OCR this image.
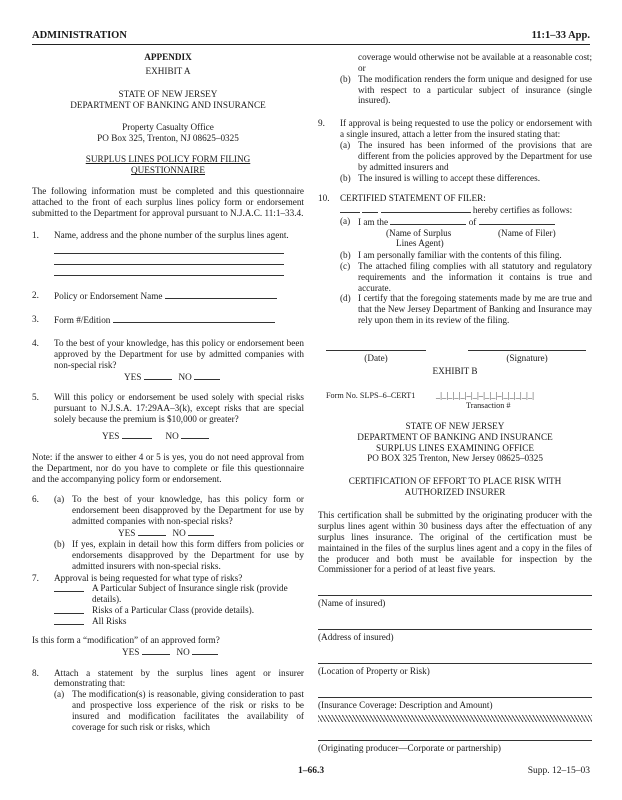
ADMINISTRATION	11:1–33 App.

APPENDIX

EXHIBIT A

STATE OF NEW JERSEY

DEPARTMENT OF BANKING AND INSURANCE

Property Casualty Office

PO Box 325, Trenton, NJ 08625–0325

SURPLUS LINES POLICY FORM FILING

QUESTIONNAIRE

The following information must be completed and this questionnaire attached to the front of each surplus lines policy form or endorsement submitted to the Department for approval pursuant to N.J.A.C. 11:1–33.4.

1. Name, address and the phone number of the surplus lines agent.
2. Policy or Endorsement Name
3. Form #/Edition
4. To the best of your knowledge, has this policy or endorsement been approved by the Department for use by admitted companies with non-special risk?
YES	NO
5. Will this policy or endorsement be used solely with special risks pursuant to N.J.S.A. 17:29AA–3(k), except risks that are special solely because the premium is $10,000 or greater?
YES	NO

Note: if the answer to either 4 or 5 is yes, you do not need approval from the Department, nor do you have to complete or file this questionnaire and the accompanying policy form or endorsement.

6. (a) To the best of your knowledge, has this policy form or endorsement been disapproved by the Department for use by admitted companies with non-special risks?
YES	NO
(b) If yes, explain in detail how this form differs from policies or endorsements disapproved by the Department for use by admitted insurers with non-special risks.
7. Approval is being requested for what type of risks?
A Particular Subject of Insurance single risk (provide details).
Risks of a Particular Class (provide details).
All Risks

Is this form a “modification” of an approved form?

YES	NO
8. Attach a statement by the surplus lines agent or insurer demonstrating that:
(a) The modification(s) is reasonable, giving consideration to past and prospective loss experience of the risk or risks to be insured and modification facilitates the availability of coverage for such risk or risks, which
coverage would otherwise not be available at a reasonable cost; or
(b) The modification renders the form unique and designed for use with respect to a particular subject of insurance (single insured).
9. If approval is being requested to use the policy or endorsement with a single insured, attach a letter from the insured stating that:
(a) The insured has been informed of the provisions that are different from the policies approved by the Department for use by admitted insurers and
(b) The insured is willing to accept these differences.
10. CERTIFIED STATEMENT OF FILER:
hereby certifies as follows:
(a) I am the	of
(Name of Surplus
Lines Agent)
(Name of Filer)
(b) I am personally familiar with the contents of this filing.
(c) The attached filing complies with all statutory and regulatory requirements and the information it contains is true and accurate.
(d) I certify that the foregoing statements made by me are true and that the New Jersey Department of Banking and Insurance may rely upon them in its review of the filing.
(Date)	(Signature)

EXHIBIT B

Form No. SLPS–6–CERT1	_|_|_|_|_|–|_|–|_|_|–|_|_|_|_|_|
Transaction #

STATE OF NEW JERSEY

DEPARTMENT OF BANKING AND INSURANCE

SURPLUS LINES EXAMINING OFFICE

PO BOX 325 Trenton, New Jersey 08625–0325

CERTIFICATION OF EFFORT TO PLACE RISK WITH

AUTHORIZED INSURER

This certification shall be submitted by the originating producer with the surplus lines agent within 30 business days after the effectuation of any surplus lines insurance. The original of the certification must be maintained in the files of the surplus lines agent and a copy in the files of the producer and both must be available for inspection by the Commissioner for a period of at least five years.

(Name of insured)
(Address of insured)
(Location of Property or Risk)
(Insurance Coverage: Description and Amount)
(Originating producer—Corporate or partnership)
1–66.3	Supp. 12–15–03
